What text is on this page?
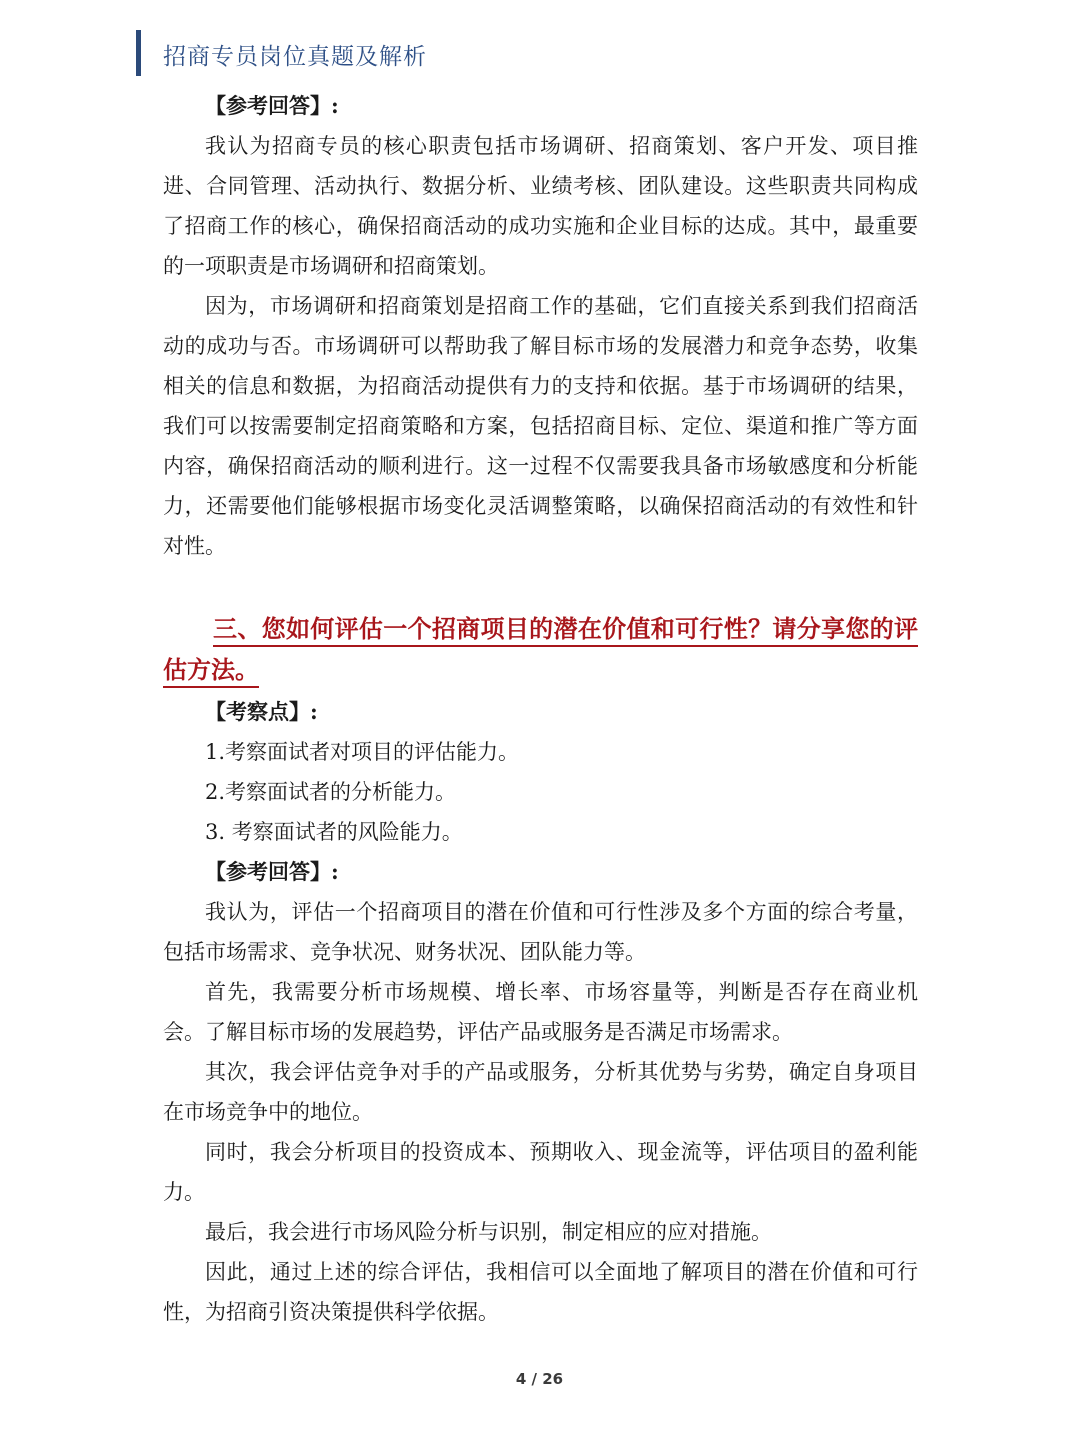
招商专员岗位真题及解析

【参考回答】:

我认为招商专员的核心职责包括市场调研、招商策划、客户开发、项目推进、合同管理、活动执行、数据分析、业绩考核、团队建设。这些职责共同构成了招商工作的核心，确保招商活动的成功实施和企业目标的达成。其中，最重要的一项职责是市场调研和招商策划。

因为，市场调研和招商策划是招商工作的基础，它们直接关系到我们招商活动的成功与否。市场调研可以帮助我了解目标市场的发展潜力和竞争态势，收集相关的信息和数据，为招商活动提供有力的支持和依据。基于市场调研的结果，我们可以按需要制定招商策略和方案，包括招商目标、定位、渠道和推广等方面内容，确保招商活动的顺利进行。这一过程不仅需要我具备市场敏感度和分析能力，还需要他们能够根据市场变化灵活调整策略，以确保招商活动的有效性和针对性。

三、您如何评估一个招商项目的潜在价值和可行性？请分享您的评估方法。

【考察点】:

1.考察面试者对项目的评估能力。

2.考察面试者的分析能力。

3. 考察面试者的风险能力。

【参考回答】:

我认为，评估一个招商项目的潜在价值和可行性涉及多个方面的综合考量，包括市场需求、竞争状况、财务状况、团队能力等。

首先，我需要分析市场规模、增长率、市场容量等，判断是否存在商业机会。了解目标市场的发展趋势，评估产品或服务是否满足市场需求。

其次，我会评估竞争对手的产品或服务，分析其优势与劣势，确定自身项目在市场竞争中的地位。

同时，我会分析项目的投资成本、预期收入、现金流等，评估项目的盈利能力。

最后，我会进行市场风险分析与识别，制定相应的应对措施。

因此，通过上述的综合评估，我相信可以全面地了解项目的潜在价值和可行性，为招商引资决策提供科学依据。

4 / 26
